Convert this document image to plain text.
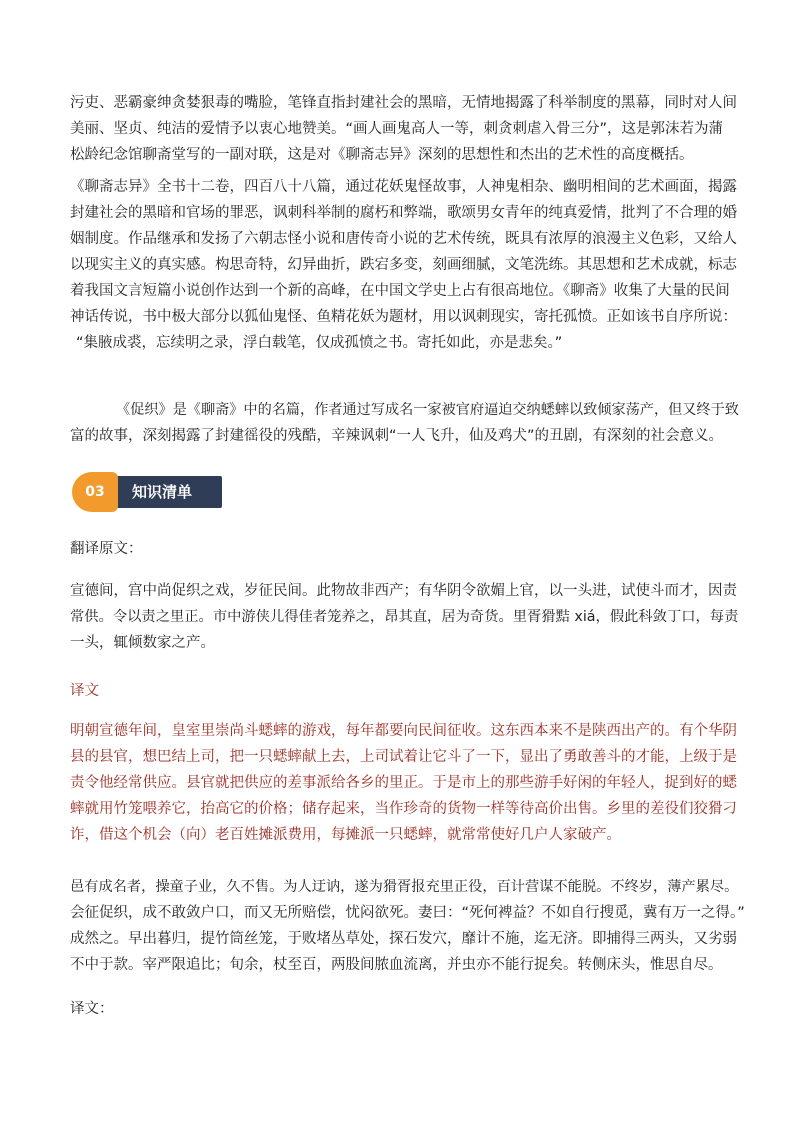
污吏、恶霸豪绅贪婪狠毒的嘴脸，笔锋直指封建社会的黑暗，无情地揭露了科举制度的黑幕，同时对人间
美丽、坚贞、纯洁的爱情予以衷心地赞美。“画人画鬼高人一等，刺贪刺虐入骨三分”，这是郭沫若为蒲
松龄纪念馆聊斋堂写的一副对联，这是对《聊斋志异》深刻的思想性和杰出的艺术性的高度概括。
《聊斋志异》全书十二卷，四百八十八篇，通过花妖鬼怪故事，人神鬼相杂、幽明相间的艺术画面，揭露
封建社会的黑暗和官场的罪恶，讽刺科举制的腐朽和弊端，歌颂男女青年的纯真爱情，批判了不合理的婚
姻制度。作品继承和发扬了六朝志怪小说和唐传奇小说的艺术传统，既具有浓厚的浪漫主义色彩，又给人
以现实主义的真实感。构思奇特，幻异曲折，跌宕多变，刻画细腻，文笔洗练。其思想和艺术成就，标志
着我国文言短篇小说创作达到一个新的高峰，在中国文学史上占有很高地位。《聊斋》收集了大量的民间
神话传说，书中极大部分以狐仙鬼怪、鱼精花妖为题材，用以讽刺现实，寄托孤愤。正如该书自序所说：
“集腋成裘，忘续明之录，浮白载笔，仅成孤愤之书。寄托如此，亦是悲矣。”
《促织》是《聊斋》中的名篇，作者通过写成名一家被官府逼迫交纳蟋蟀以致倾家荡产，但又终于致
富的故事，深刻揭露了封建徭役的残酷，辛辣讽刺“一人飞升，仙及鸡犬”的丑剧，有深刻的社会意义。
知识清单
03

翻译原文：

宣德间，宫中尚促织之戏，岁征民间。此物故非西产；有华阴令欲媚上官，以一头进，试使斗而才，因责
常供。令以责之里正。市中游侠儿得佳者笼养之，昂其直，居为奇货。里胥猾黠 xiá，假此科敛丁口，每责
一头，辄倾数家之产。

译文

明朝宣德年间，皇室里崇尚斗蟋蟀的游戏，每年都要向民间征收。这东西本来不是陕西出产的。有个华阴
县的县官，想巴结上司，把一只蟋蟀献上去，上司试着让它斗了一下，显出了勇敢善斗的才能，上级于是
责令他经常供应。县官就把供应的差事派给各乡的里正。于是市上的那些游手好闲的年轻人，捉到好的蟋
蟀就用竹笼喂养它，抬高它的价格；储存起来，当作珍奇的货物一样等待高价出售。乡里的差役们狡猾刁
诈，借这个机会（向）老百姓摊派费用，每摊派一只蟋蟀，就常常使好几户人家破产。
邑有成名者，操童子业，久不售。为人迂讷，遂为猾胥报充里正役，百计营谋不能脱。不终岁，薄产累尽。
会征促织，成不敢敛户口，而又无所赔偿，忧闷欲死。妻曰：“死何裨益？不如自行搜觅，冀有万一之得。”
成然之。早出暮归，提竹筒丝笼，于败堵丛草处，探石发穴，靡计不施，迄无济。即捕得三两头，又劣弱
不中于款。宰严限追比；旬余，杖至百，两股间脓血流离，并虫亦不能行捉矣。转侧床头，惟思自尽。

译文：
